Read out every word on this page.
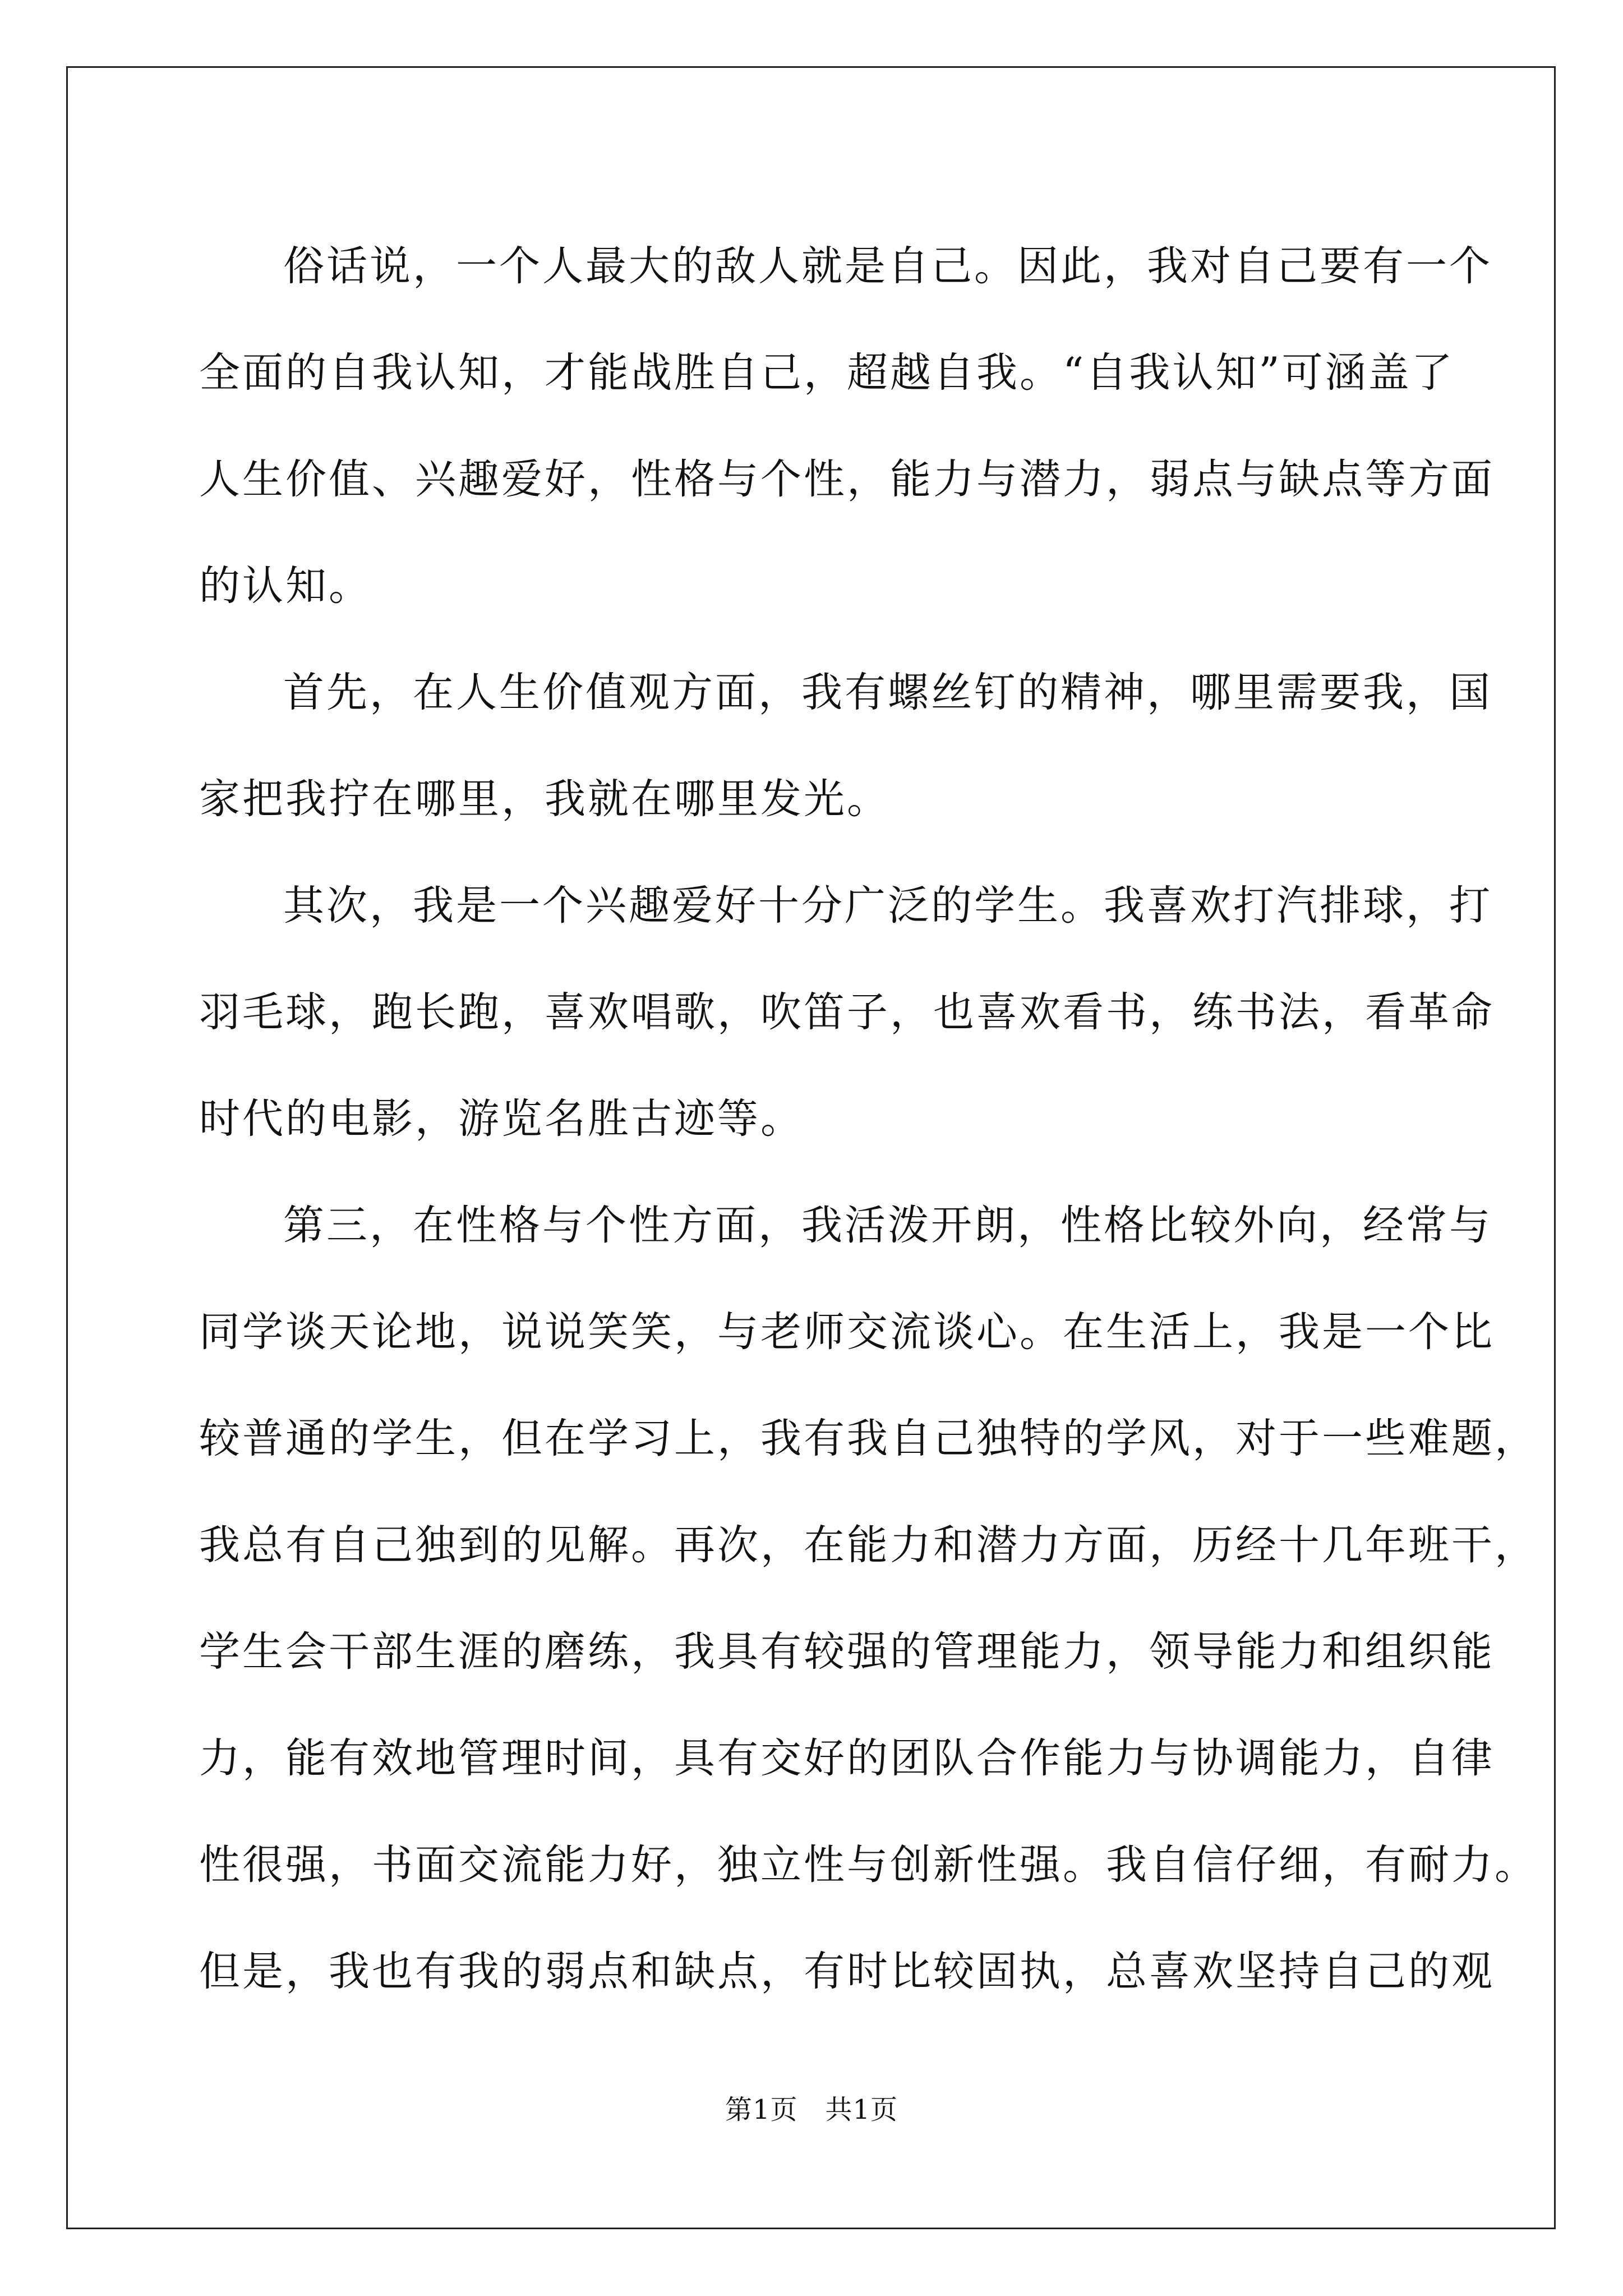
俗话说，一个人最大的敌人就是自己。因此，我对自己要有一个
全面的自我认知，才能战胜自己，超越自我。“自我认知”可涵盖了
人生价值、兴趣爱好，性格与个性，能力与潜力，弱点与缺点等方面
的认知。
首先，在人生价值观方面，我有螺丝钉的精神，哪里需要我，国
家把我拧在哪里，我就在哪里发光。
其次，我是一个兴趣爱好十分广泛的学生。我喜欢打汽排球，打
羽毛球，跑长跑，喜欢唱歌，吹笛子，也喜欢看书，练书法，看革命
时代的电影，游览名胜古迹等。
第三，在性格与个性方面，我活泼开朗，性格比较外向，经常与
同学谈天论地，说说笑笑，与老师交流谈心。在生活上，我是一个比
较普通的学生，但在学习上，我有我自己独特的学风，对于一些难题，
我总有自己独到的见解。再次，在能力和潜力方面，历经十几年班干，
学生会干部生涯的磨练，我具有较强的管理能力，领导能力和组织能
力，能有效地管理时间，具有交好的团队合作能力与协调能力，自律
性很强，书面交流能力好，独立性与创新性强。我自信仔细，有耐力。
但是，我也有我的弱点和缺点，有时比较固执，总喜欢坚持自己的观
第1页　共1页
